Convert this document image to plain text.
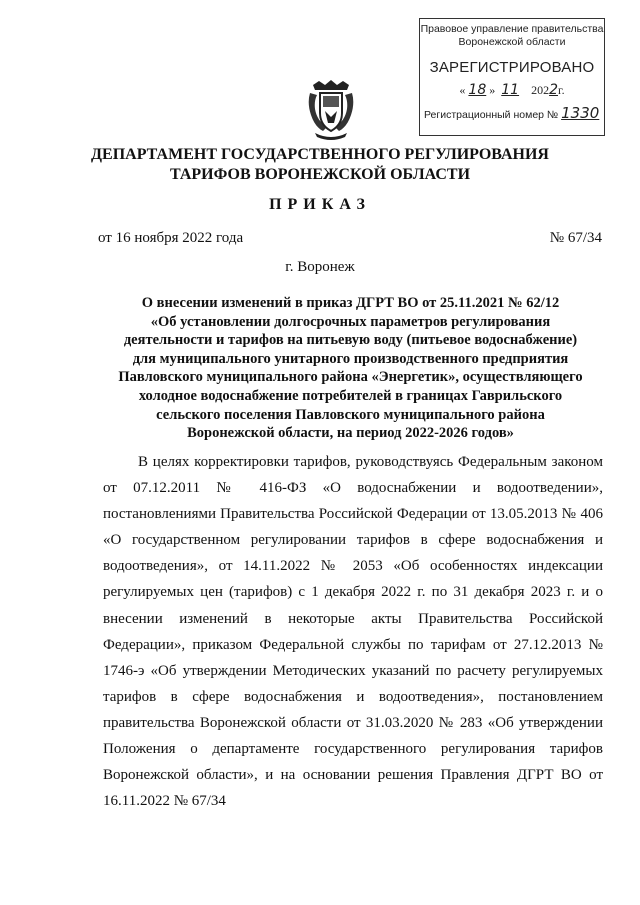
Правовое управление правительства
Воронежской области
ЗАРЕГИСТРИРОВАНО
« 18 »  11 2022г.
Регистрационный номер № 1330
ДЕПАРТАМЕНТ ГОСУДАРСТВЕННОГО РЕГУЛИРОВАНИЯ
ТАРИФОВ ВОРОНЕЖСКОЙ ОБЛАСТИ
ПРИКАЗ
от 16 ноября 2022 года	№ 67/34
г. Воронеж
О внесении изменений в приказ ДГРТ ВО от 25.11.2021 № 62/12
«Об установлении долгосрочных параметров регулирования
деятельности и тарифов на питьевую воду (питьевое водоснабжение)
для муниципального унитарного производственного предприятия
Павловского муниципального района «Энергетик», осуществляющего
холодное водоснабжение потребителей в границах Гаврильского
сельского поселения Павловского муниципального района
Воронежской области, на период 2022-2026 годов»

В целях корректировки тарифов, руководствуясь Федеральным законом от 07.12.2011 № 416-ФЗ «О водоснабжении и водоотведении», постановлениями Правительства Российской Федерации от 13.05.2013 № 406 «О государственном регулировании тарифов в сфере водоснабжения и водоотведения», от 14.11.2022 № 2053 «Об особенностях индексации регулируемых цен (тарифов) с 1 декабря 2022 г. по 31 декабря 2023 г. и о внесении изменений в некоторые акты Правительства Российской Федерации», приказом Федеральной службы по тарифам от 27.12.2013 № 1746-э «Об утверждении Методических указаний по расчету регулируемых тарифов в сфере водоснабжения и водоотведения», постановлением правительства Воронежской области от 31.03.2020 № 283 «Об утверждении Положения о департаменте государственного регулирования тарифов Воронежской области», и на основании решения Правления ДГРТ ВО от 16.11.2022 № 67/34
